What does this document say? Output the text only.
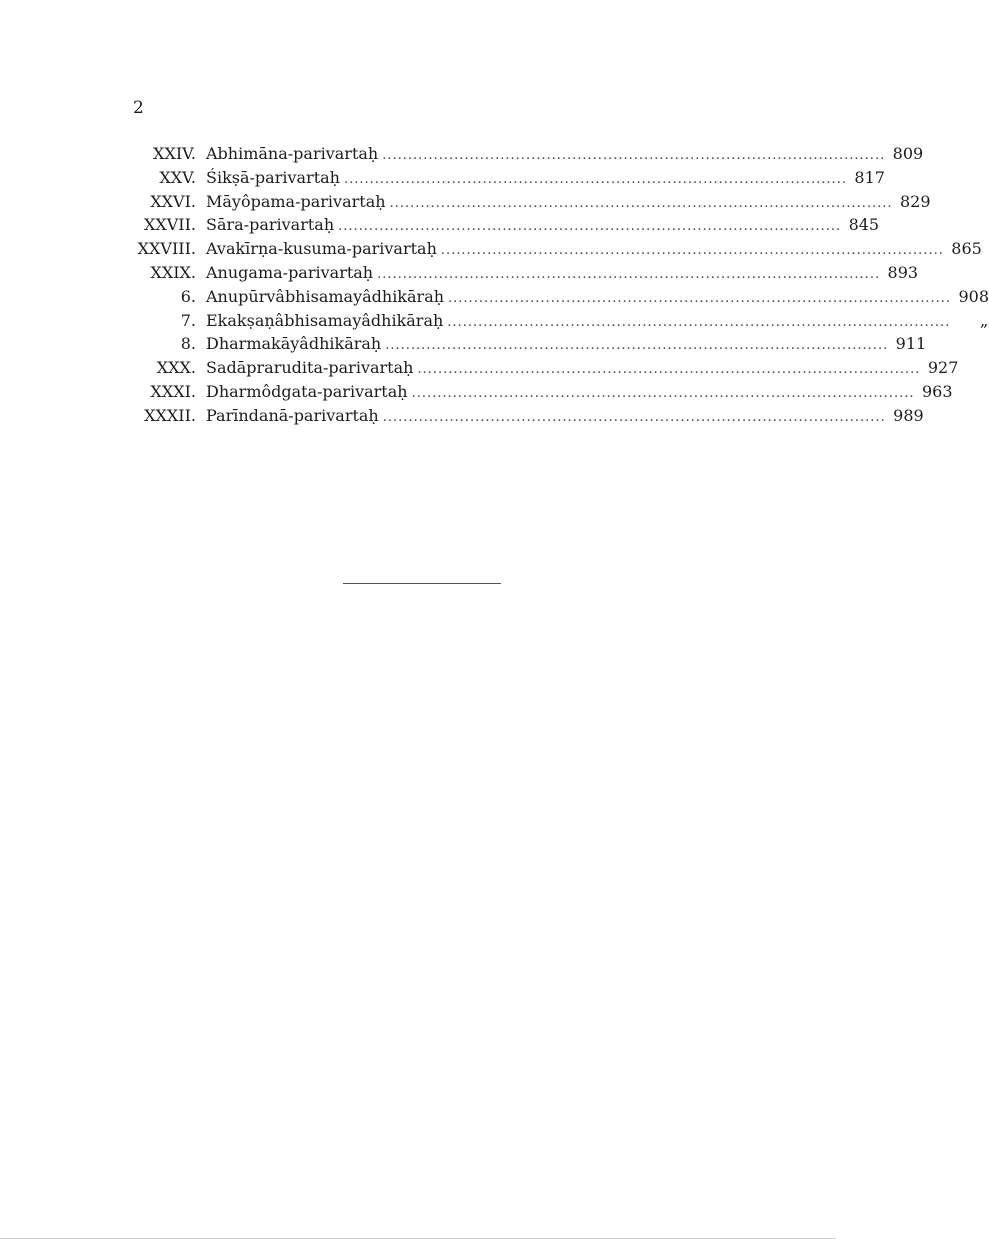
2
XXIV. Abhimāna-parivartaḥ .................................................................................................. 809
XXV. Śikṣā-parivartaḥ .................................................................................................. 817
XXVI. Māyôpama-parivartaḥ .................................................................................................. 829
XXVII. Sāra-parivartaḥ .................................................................................................. 845
XXVIII. Avakīrṇa-kusuma-parivartaḥ .................................................................................................. 865
XXIX. Anugama-parivartaḥ .................................................................................................. 893
6. Anupūrvâbhisamayâdhikāraḥ .................................................................................................. 908
7. Ekakṣaṇâbhisamayâdhikāraḥ ..................................................................................................	„
8. Dharmakāyâdhikāraḥ .................................................................................................. 911
XXX. Sadāprarudita-parivartaḥ .................................................................................................. 927
XXXI. Dharmôdgata-parivartaḥ .................................................................................................. 963
XXXII. Parīndanā-parivartaḥ .................................................................................................. 989
